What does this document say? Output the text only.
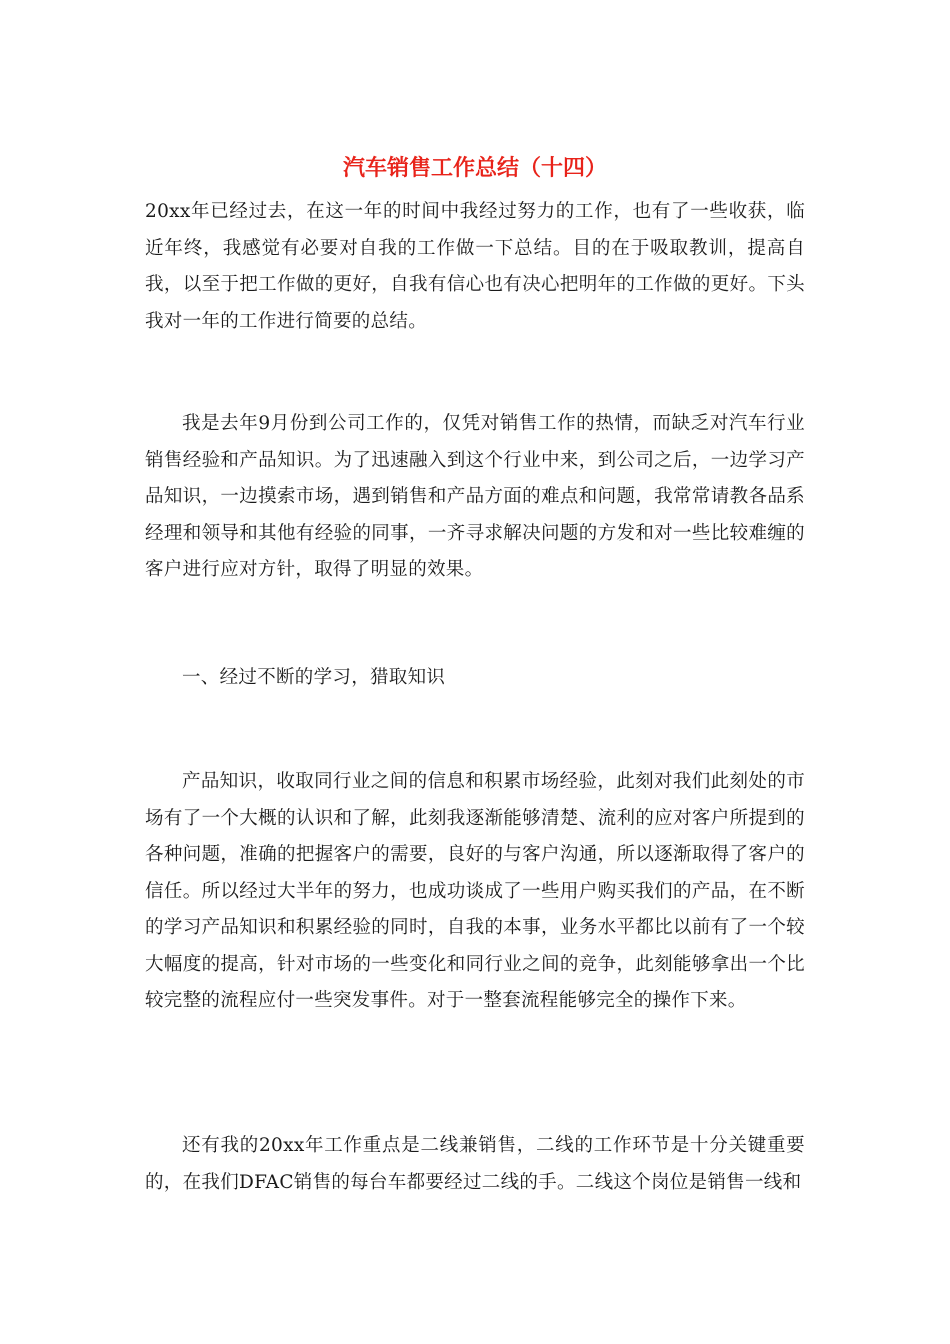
汽车销售工作总结（十四）

20xx年已经过去，在这一年的时间中我经过努力的工作，也有了一些收获，临近年终，我感觉有必要对自我的工作做一下总结。目的在于吸取教训，提高自我，以至于把工作做的更好，自我有信心也有决心把明年的工作做的更好。下头我对一年的工作进行简要的总结。

我是去年9月份到公司工作的，仅凭对销售工作的热情，而缺乏对汽车行业销售经验和产品知识。为了迅速融入到这个行业中来，到公司之后，一边学习产品知识，一边摸索市场，遇到销售和产品方面的难点和问题，我常常请教各品系经理和领导和其他有经验的同事，一齐寻求解决问题的方发和对一些比较难缠的客户进行应对方针，取得了明显的效果。

一、经过不断的学习，猎取知识

产品知识，收取同行业之间的信息和积累市场经验，此刻对我们此刻处的市场有了一个大概的认识和了解，此刻我逐渐能够清楚、流利的应对客户所提到的各种问题，准确的把握客户的需要，良好的与客户沟通，所以逐渐取得了客户的信任。所以经过大半年的努力，也成功谈成了一些用户购买我们的产品，在不断的学习产品知识和积累经验的同时，自我的本事，业务水平都比以前有了一个较大幅度的提高，针对市场的一些变化和同行业之间的竞争，此刻能够拿出一个比较完整的流程应付一些突发事件。对于一整套流程能够完全的操作下来。

还有我的20xx年工作重点是二线兼销售，二线的工作环节是十分关键重要的，在我们DFAC销售的每台车都要经过二线的手。二线这个岗位是销售一线和
